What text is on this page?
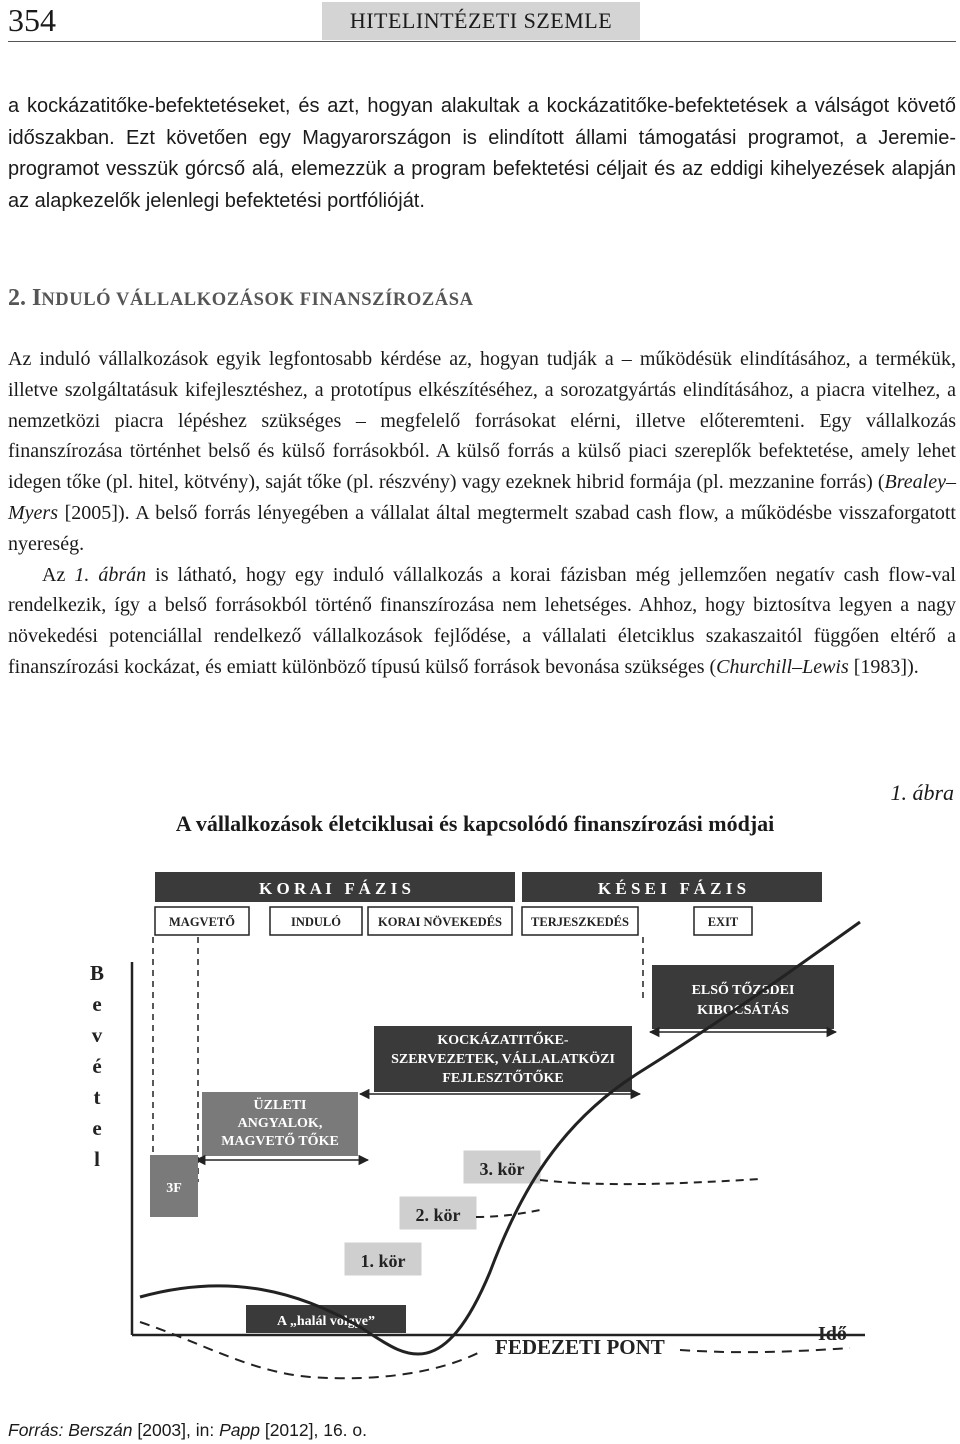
354	HITELINTÉZETI SZEMLE
a kockázatitőke-befektetéseket, és azt, hogyan alakultak a kockázatitőke-befektetések a válságot követő időszakban. Ezt követően egy Magyarországon is elindított állami támogatási programot, a Jeremie-programot vesszük górcső alá, elemezzük a program befektetési céljait és az eddigi kihelyezések alapján az alapkezelők jelenlegi befektetési portfólióját.
2. INDULÓ VÁLLALKOZÁSOK FINANSZÍROZÁSA

Az induló vállalkozások egyik legfontosabb kérdése az, hogyan tudják a – működésük elindításához, a termékük, illetve szolgáltatásuk kifejlesztéshez, a prototípus elkészítéséhez, a sorozatgyártás elindításához, a piacra vitelhez, a nemzetközi piacra lépéshez szükséges – megfelelő forrásokat elérni, illetve előteremteni. Egy vállalkozás finanszírozása történhet belső és külső forrásokból. A külső forrás a külső piaci szereplők befektetése, amely lehet idegen tőke (pl. hitel, kötvény), saját tőke (pl. részvény) vagy ezeknek hibrid formája (pl. mezzanine forrás) (Brealey–Myers [2005]). A belső forrás lényegében a vállalat által megtermelt szabad cash flow, a működésbe visszaforgatott nyereség.

Az 1. ábrán is látható, hogy egy induló vállalkozás a korai fázisban még jellemzően negatív cash flow-val rendelkezik, így a belső forrásokból történő finanszírozása nem lehetséges. Ahhoz, hogy biztosítva legyen a nagy növekedési potenciállal rendelkező vállalkozások fejlődése, a vállalati életciklus szakaszaitól függően eltérő a finanszírozási kockázat, és emiatt különböző típusú külső források bevonása szükséges (Churchill–Lewis [1983]).

1. ábra
A vállalkozások életciklusai és kapcsolódó finanszírozási módjai
K O R A I   F Á Z I S	K É S E I   F Á Z I S
MAGVETŐ	INDULÓ	KORAI NÖVEKEDÉS TERJESZKEDÉS	EXIT
B
e
v
é
t
e
l
Idő
ELSŐ TŐZSDEI
KIBOCSÁTÁS
KOCKÁZATITŐKE-
SZERVEZETEK, VÁLLALATKÖZI
FEJLESZTŐTŐKE
ÜZLETI
ANGYALOK,
MAGVETŐ TŐKE
3F
3. kör
2. kör
1. kör
A „halál völgye”
FEDEZETI PONT
Forrás: Berszán [2003], in: Papp [2012], 16. o.
